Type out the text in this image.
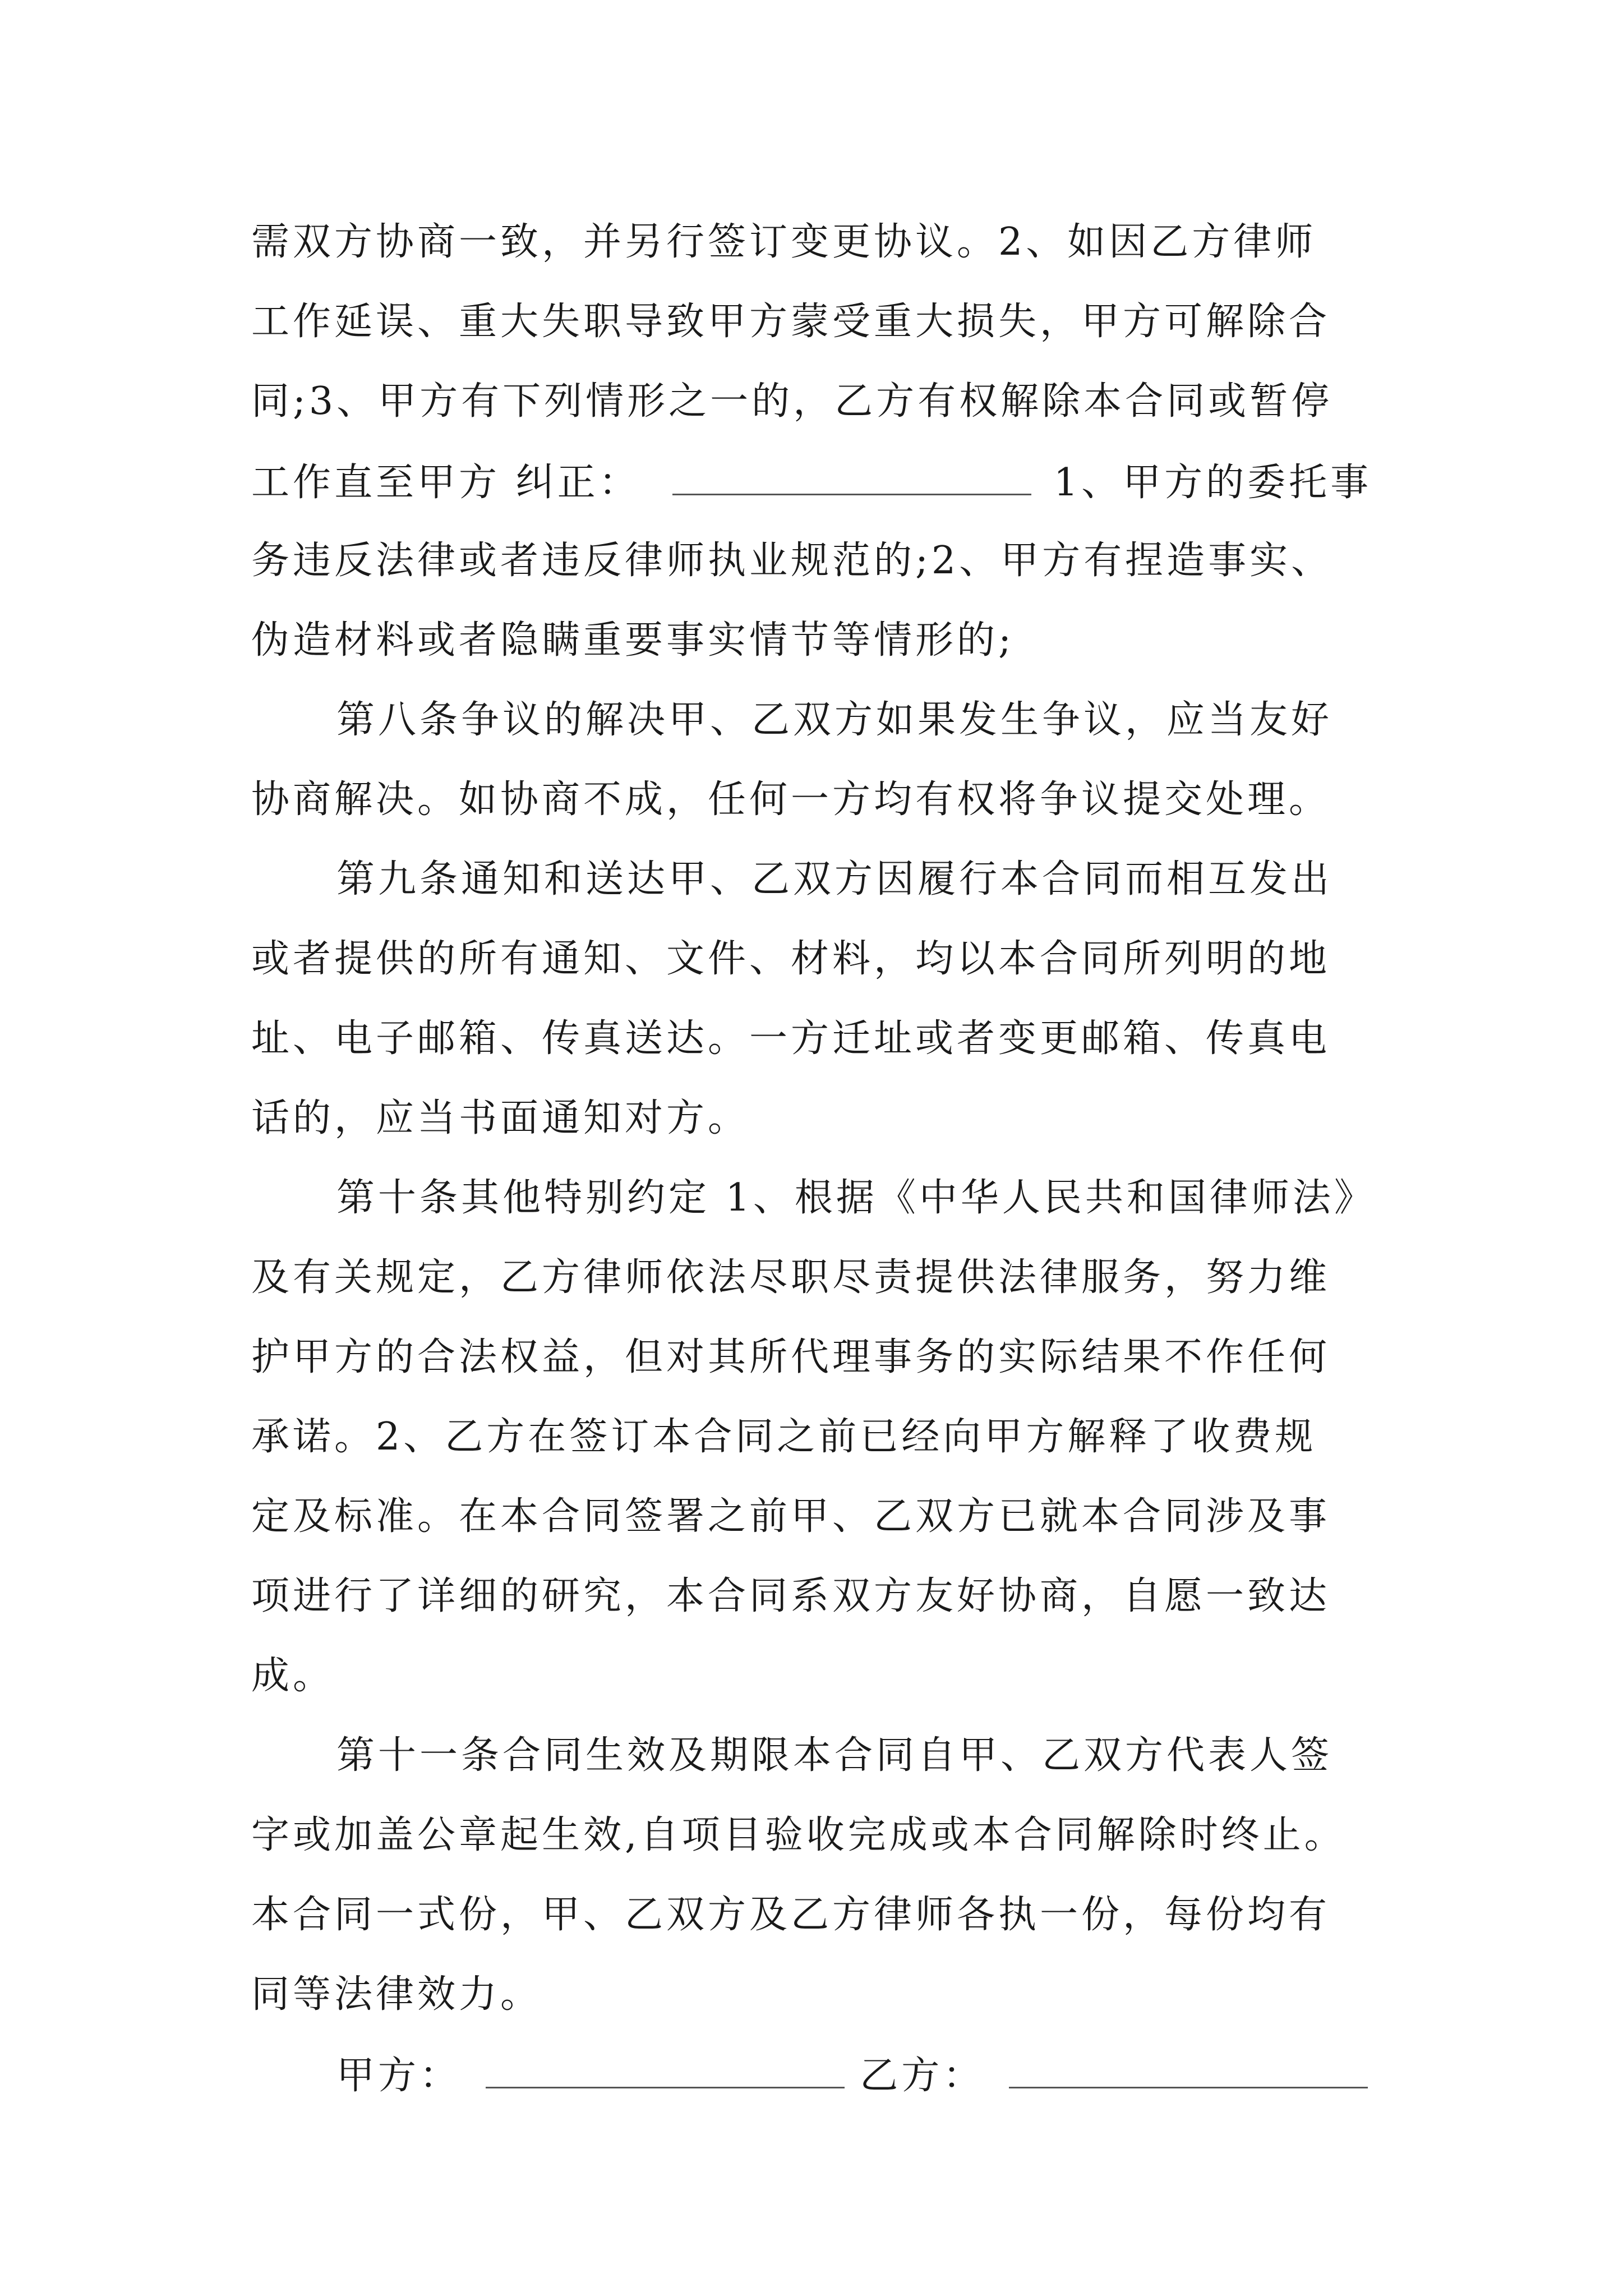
需双方协商一致，并另行签订变更协议。2、如因乙方律师
工作延误、重大失职导致甲方蒙受重大损失，甲方可解除合
同;3、甲方有下列情形之一的，乙方有权解除本合同或暂停
工作直至甲方 纠正：	1、甲方的委托事
务违反法律或者违反律师执业规范的;2、甲方有捏造事实、
伪造材料或者隐瞒重要事实情节等情形的;
第八条争议的解决甲、乙双方如果发生争议，应当友好
协商解决。如协商不成，任何一方均有权将争议提交处理。
第九条通知和送达甲、乙双方因履行本合同而相互发出
或者提供的所有通知、文件、材料，均以本合同所列明的地
址、电子邮箱、传真送达。一方迁址或者变更邮箱、传真电
话的，应当书面通知对方。
第十条其他特别约定 1、根据《中华人民共和国律师法》
及有关规定，乙方律师依法尽职尽责提供法律服务，努力维
护甲方的合法权益，但对其所代理事务的实际结果不作任何
承诺。2、乙方在签订本合同之前已经向甲方解释了收费规
定及标准。在本合同签署之前甲、乙双方已就本合同涉及事
项进行了详细的研究，本合同系双方友好协商，自愿一致达
成。
第十一条合同生效及期限本合同自甲、乙双方代表人签
字或加盖公章起生效,自项目验收完成或本合同解除时终止。
本合同一式份，甲、乙双方及乙方律师各执一份，每份均有
同等法律效力。
甲方：	乙方：
